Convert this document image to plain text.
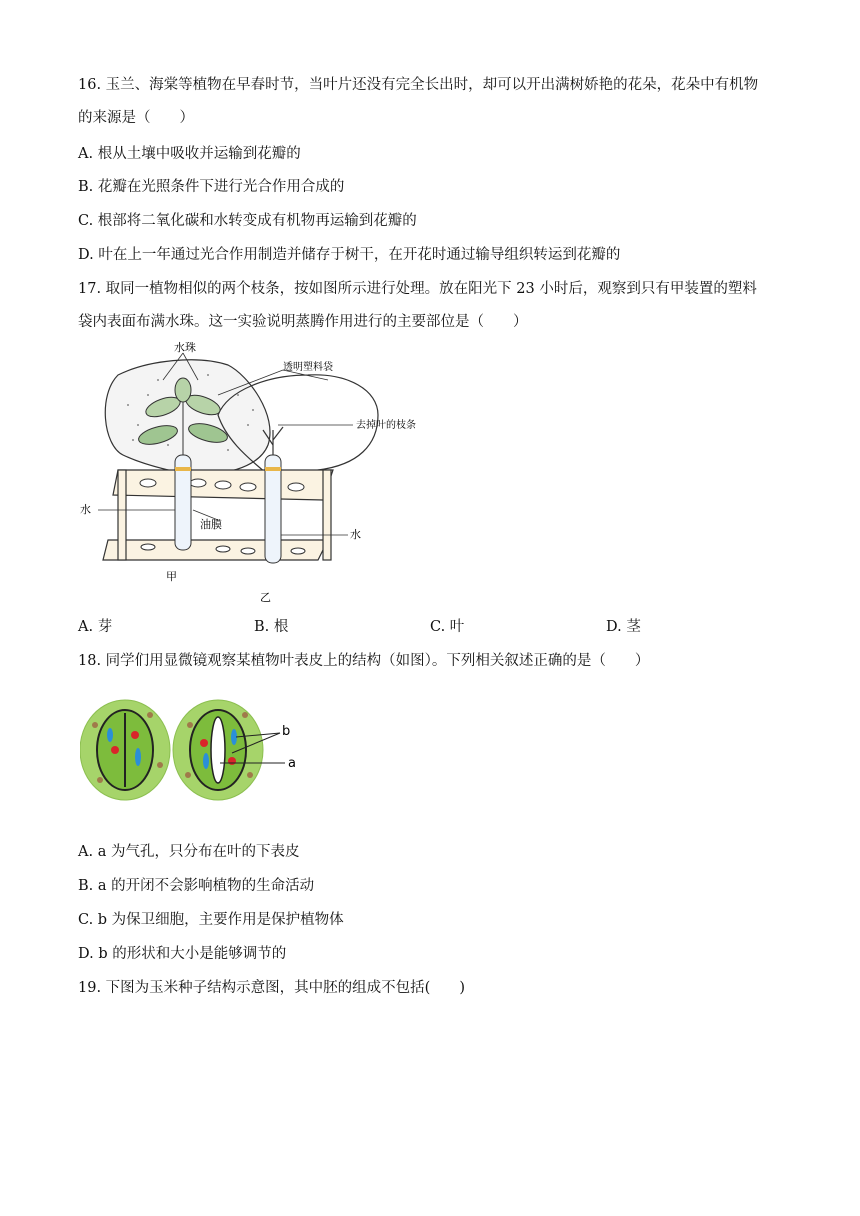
16. 玉兰、海棠等植物在早春时节，当叶片还没有完全长出时，却可以开出满树娇艳的花朵，花朵中有机物
的来源是（　　）
A. 根从土壤中吸收并运输到花瓣的
B. 花瓣在光照条件下进行光合作用合成的
C. 根部将二氧化碳和水转变成有机物再运输到花瓣的
D. 叶在上一年通过光合作用制造并储存于树干，在开花时通过输导组织转运到花瓣的
17. 取同一植物相似的两个枝条，按如图所示进行处理。放在阳光下 23 小时后，观察到只有甲装置的塑料
袋内表面布满水珠。这一实验说明蒸腾作用进行的主要部位是（　　）
水珠
透明塑料袋
去掉叶的枝条
水
油膜
水
甲
乙
A. 芽	B. 根	C. 叶	D. 茎
18. 同学们用显微镜观察某植物叶表皮上的结构（如图）。下列相关叙述正确的是（　　）
b
a
A. a 为气孔，只分布在叶的下表皮
B. a 的开闭不会影响植物的生命活动
C. b 为保卫细胞，主要作用是保护植物体
D. b 的形状和大小是能够调节的
19. 下图为玉米种子结构示意图，其中胚的组成不包括(　　)
